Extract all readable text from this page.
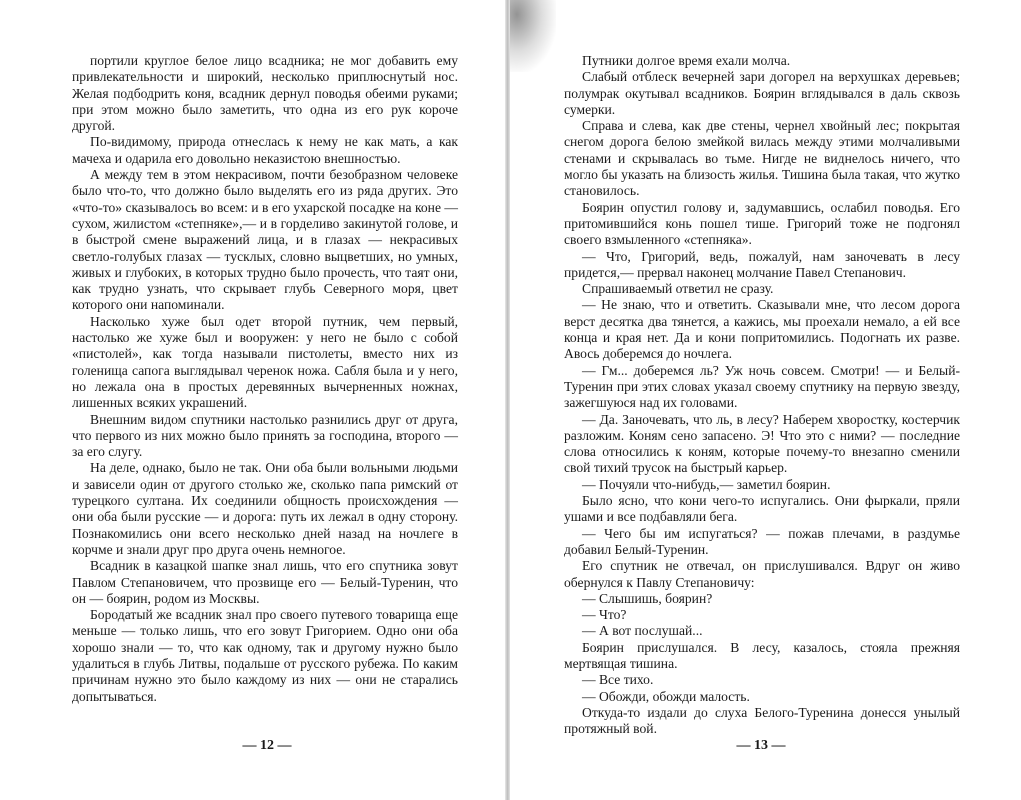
портили круглое белое лицо всадника; не мог добавить ему привлекательности и широкий, несколько приплюснутый нос. Желая подбодрить коня, всадник дернул поводья обеими руками; при этом можно было заметить, что одна из его рук короче другой.

По-видимому, природа отнеслась к нему не как мать, а как мачеха и одарила его довольно неказистою внешностью.

А между тем в этом некрасивом, почти безобразном человеке было что-то, что должно было выделять его из ряда других. Это «что-то» сказывалось во всем: и в его ухарской посадке на коне — сухом, жилистом «степняке»,— и в горделиво закинутой голове, и в быстрой смене выражений лица, и в глазах — некрасивых светло-голубых глазах — тусклых, словно выцветших, но умных, живых и глубоких, в которых трудно было прочесть, что таят они, как трудно узнать, что скрывает глубь Северного моря, цвет которого они напоминали.

Насколько хуже был одет второй путник, чем первый, настолько же хуже был и вооружен: у него не было с собой «пистолей», как тогда называли пистолеты, вместо них из голенища сапога выглядывал черенок ножа. Сабля была и у него, но лежала она в простых деревянных вычерненных ножнах, лишенных всяких украшений.

Внешним видом спутники настолько разнились друг от друга, что первого из них можно было принять за господина, второго — за его слугу.

На деле, однако, было не так. Они оба были вольными людьми и зависели один от другого столько же, сколько папа римский от турецкого султана. Их соединили общность происхождения — они оба были русские — и дорога: путь их лежал в одну сторону. Познакомились они всего несколько дней назад на ночлеге в корчме и знали друг про друга очень немногое.

Всадник в казацкой шапке знал лишь, что его спутника зовут Павлом Степановичем, что прозвище его — Белый-Туренин, что он — боярин, родом из Москвы.

Бородатый же всадник знал про своего путевого товарища еще меньше — только лишь, что его зовут Григорием. Одно они оба хорошо знали — то, что как одному, так и другому нужно было удалиться в глубь Литвы, подальше от русского рубежа. По каким причинам нужно это было каждому из них — они не старались допытываться.

— 12 —

Путники долгое время ехали молча.

Слабый отблеск вечерней зари догорел на верхушках деревьев; полумрак окутывал всадников. Боярин вглядывался в даль сквозь сумерки.

Справа и слева, как две стены, чернел хвойный лес; покрытая снегом дорога белою змейкой вилась между этими молчаливыми стенами и скрывалась во тьме. Нигде не виднелось ничего, что могло бы указать на близость жилья. Тишина была такая, что жутко становилось.

Боярин опустил голову и, задумавшись, ослабил поводья. Его притомившийся конь пошел тише. Григорий тоже не подгонял своего взмыленного «степняка».

— Что, Григорий, ведь, пожалуй, нам заночевать в лесу придется,— прервал наконец молчание Павел Степанович.

Спрашиваемый ответил не сразу.

— Не знаю, что и ответить. Сказывали мне, что лесом дорога верст десятка два тянется, а кажись, мы проехали немало, а ей все конца и края нет. Да и кони попритомились. Подогнать их разве. Авось доберемся до ночлега.

— Гм... доберемся ль? Уж ночь совсем. Смотри! — и Белый-Туренин при этих словах указал своему спутнику на первую звезду, зажегшуюся над их головами.

— Да. Заночевать, что ль, в лесу? Наберем хворостку, костерчик разложим. Коням сено запасено. Э! Что это с ними? — последние слова относились к коням, которые почему-то внезапно сменили свой тихий трусок на быстрый карьер.

— Почуяли что-нибудь,— заметил боярин.

Было ясно, что кони чего-то испугались. Они фыркали, пряли ушами и все подбавляли бега.

— Чего бы им испугаться? — пожав плечами, в раздумье добавил Белый-Туренин.

Его спутник не отвечал, он прислушивался. Вдруг он живо обернулся к Павлу Степановичу:

— Слышишь, боярин?

— Что?

— А вот послушай...

Боярин прислушался. В лесу, казалось, стояла прежняя мертвящая тишина.

— Все тихо.

— Обожди, обожди малость.

Откуда-то издали до слуха Белого-Туренина донесся унылый протяжный вой.

— 13 —
